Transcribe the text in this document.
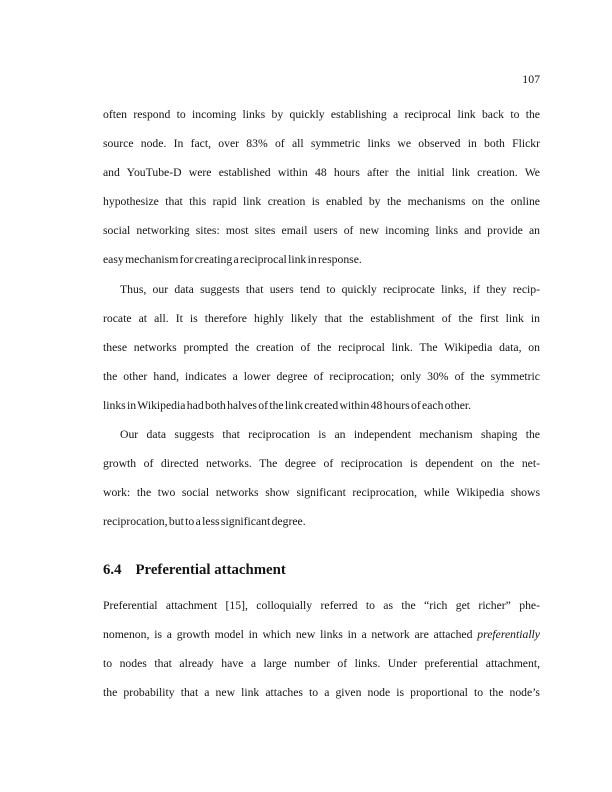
107

often respond to incoming links by quickly establishing a reciprocal link back to the

source node. In fact, over 83% of all symmetric links we observed in both Flickr

and YouTube-D were established within 48 hours after the initial link creation. We

hypothesize that this rapid link creation is enabled by the mechanisms on the online

social networking sites: most sites email users of new incoming links and provide an

easy mechanism for creating a reciprocal link in response.

Thus, our data suggests that users tend to quickly reciprocate links, if they recip-

rocate at all. It is therefore highly likely that the establishment of the first link in

these networks prompted the creation of the reciprocal link. The Wikipedia data, on

the other hand, indicates a lower degree of reciprocation; only 30% of the symmetric

links in Wikipedia had both halves of the link created within 48 hours of each other.

Our data suggests that reciprocation is an independent mechanism shaping the

growth of directed networks. The degree of reciprocation is dependent on the net-

work: the two social networks show significant reciprocation, while Wikipedia shows

reciprocation, but to a less significant degree.

6.4 Preferential attachment

Preferential attachment [15], colloquially referred to as the “rich get richer” phe-

nomenon, is a growth model in which new links in a network are attached preferentially

to nodes that already have a large number of links. Under preferential attachment,

the probability that a new link attaches to a given node is proportional to the node’s
